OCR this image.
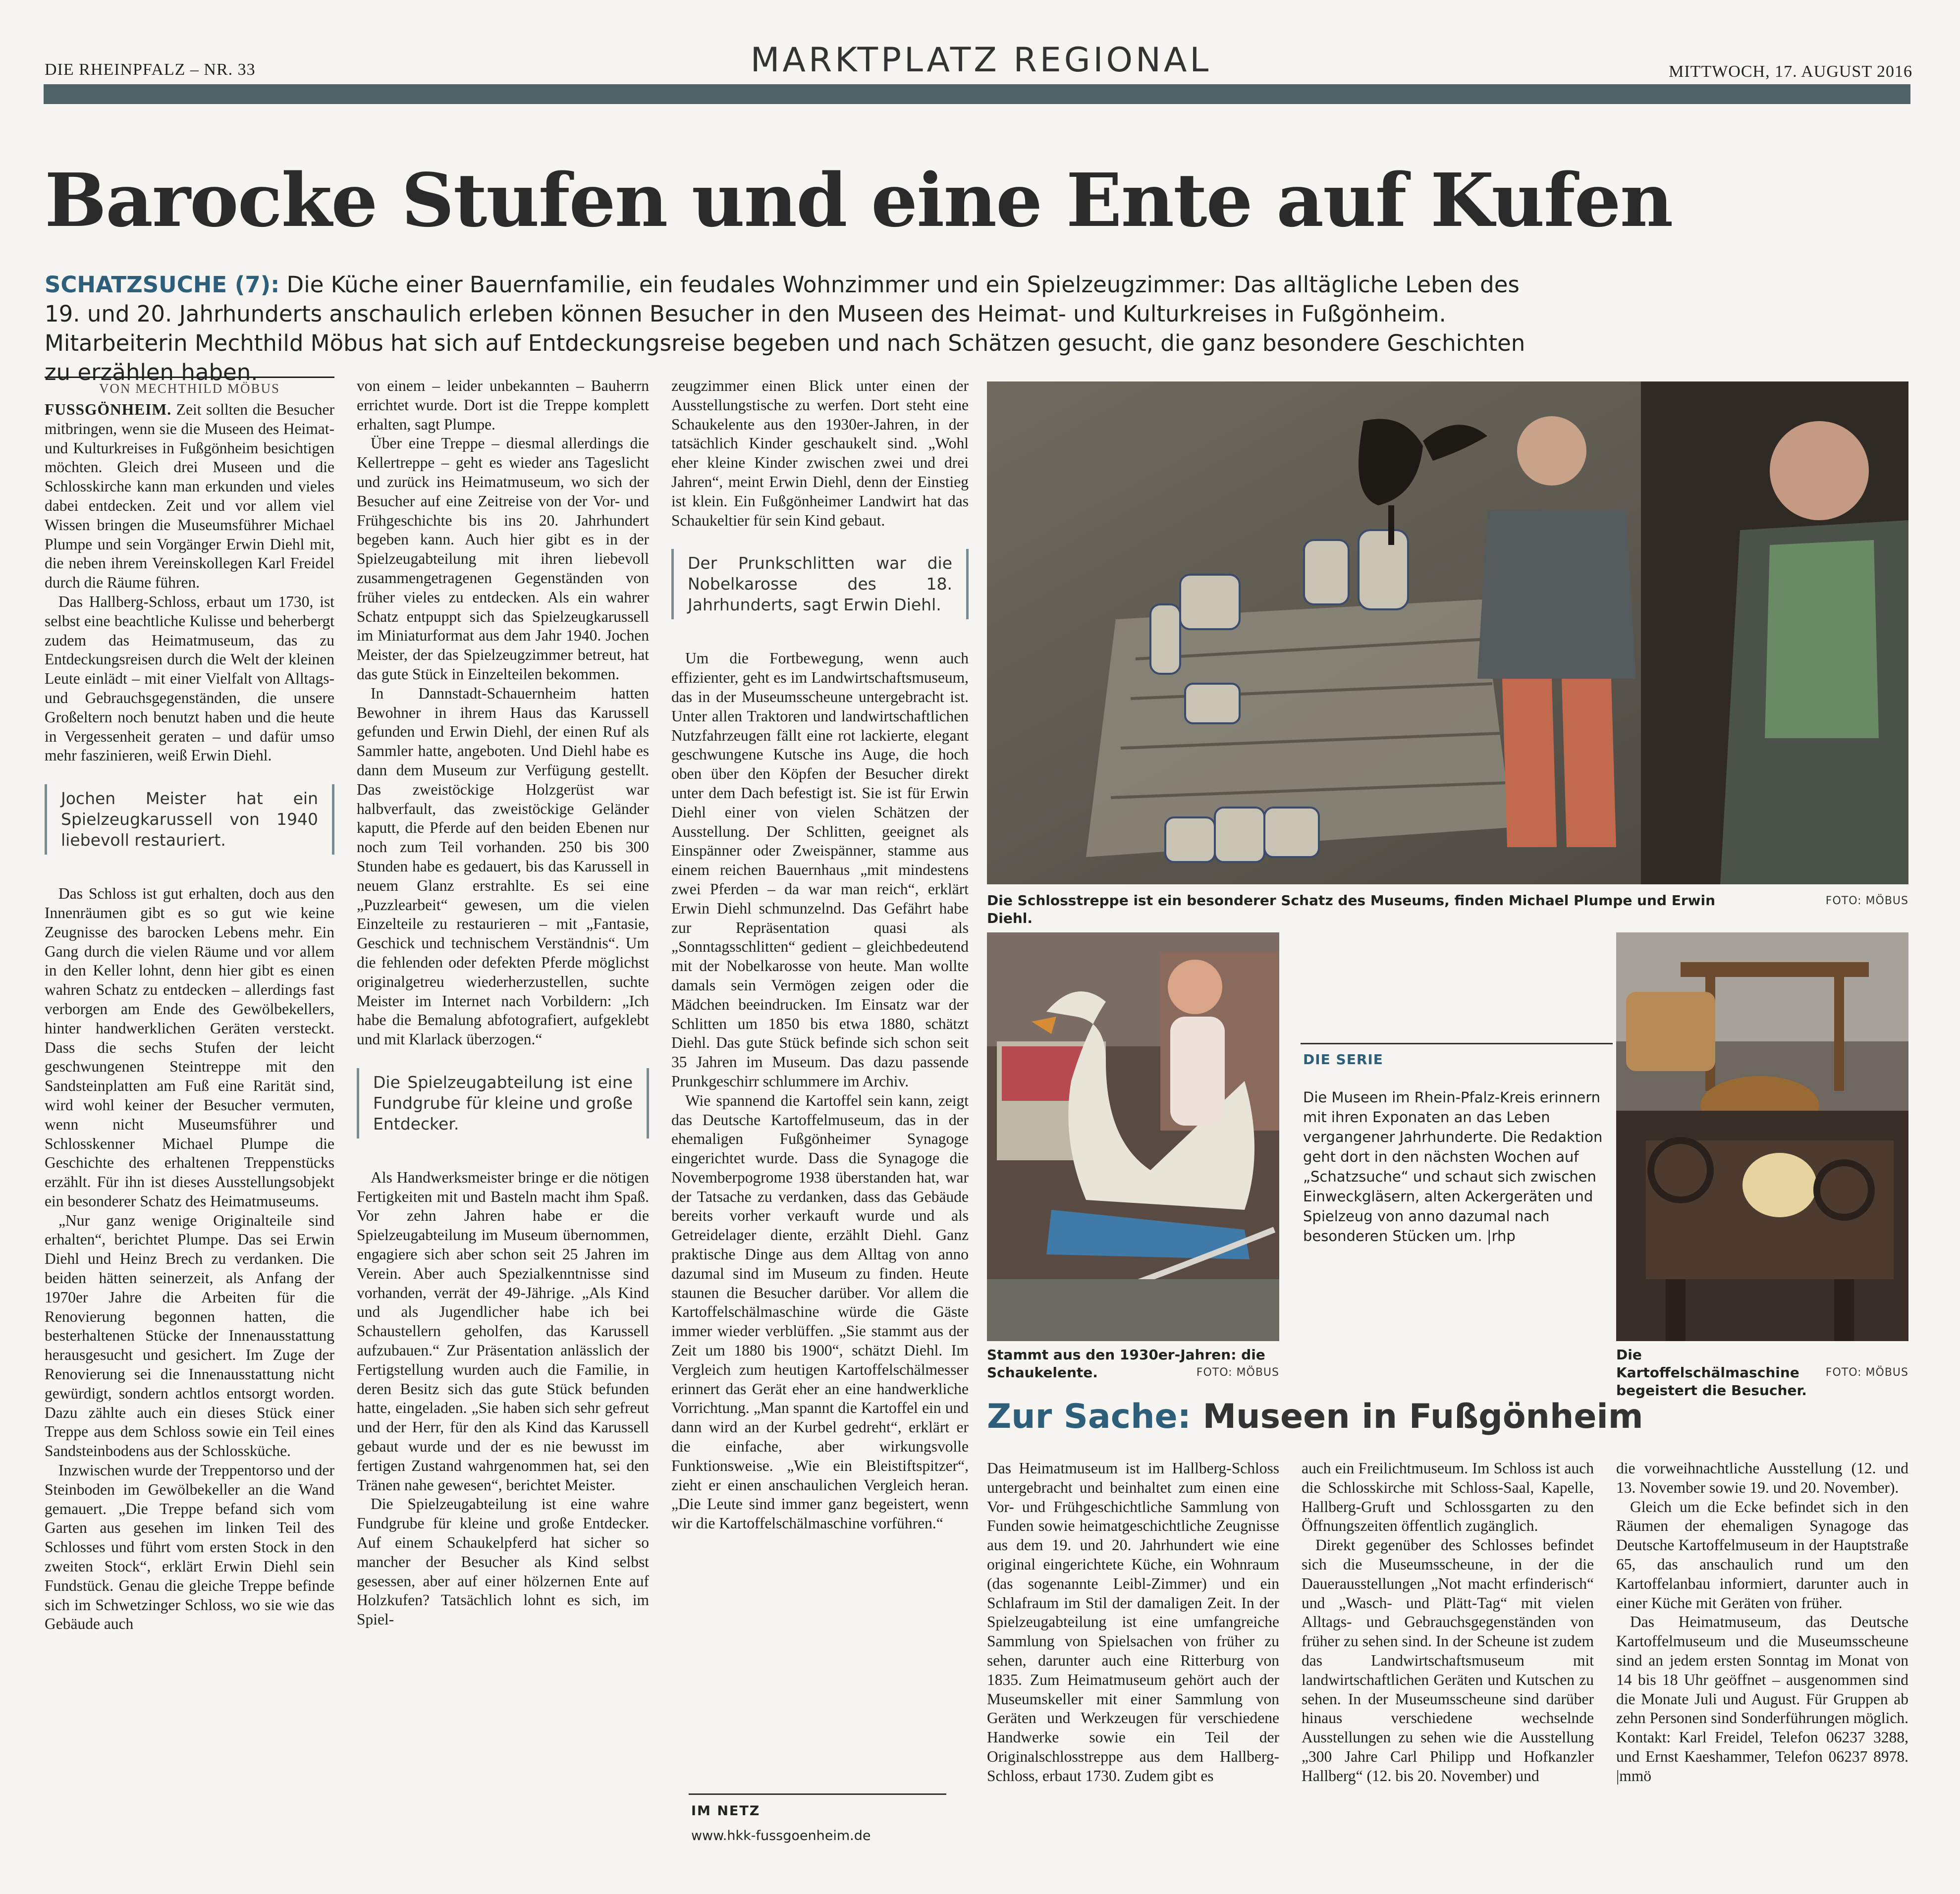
DIE RHEINPFALZ – NR. 33	MARKTPLATZ REGIONAL	MITTWOCH, 17. AUGUST 2016
Barocke Stufen und eine Ente auf Kufen
SCHATZSUCHE (7): Die Küche einer Bauernfamilie, ein feudales Wohnzimmer und ein Spielzeugzimmer: Das alltägliche Leben des 19. und 20. Jahrhunderts anschaulich erleben können Besucher in den Museen des Heimat- und Kulturkreises in Fußgönheim. Mitarbeiterin Mechthild Möbus hat sich auf Entdeckungsreise begeben und nach Schätzen gesucht, die ganz besondere Geschichten zu erzählen haben.
VON MECHTHILD MÖBUS

FUSSGÖNHEIM. Zeit sollten die Besucher mitbringen, wenn sie die Museen des Heimat- und Kulturkreises in Fußgönheim besichtigen möchten. Gleich drei Museen und die Schlosskirche kann man erkunden und vieles dabei entdecken. Zeit und vor allem viel Wissen bringen die Museumsführer Michael Plumpe und sein Vorgänger Erwin Diehl mit, die neben ihrem Vereinskollegen Karl Freidel durch die Räume führen.

Das Hallberg-Schloss, erbaut um 1730, ist selbst eine beachtliche Kulisse und beherbergt zudem das Heimatmuseum, das zu Entdeckungsreisen durch die Welt der kleinen Leute einlädt – mit einer Vielfalt von Alltags- und Gebrauchsgegenständen, die unsere Großeltern noch benutzt haben und die heute in Vergessenheit geraten – und dafür umso mehr faszinieren, weiß Erwin Diehl.

Jochen Meister hat ein Spielzeugkarussell von 1940 liebevoll restauriert.

Das Schloss ist gut erhalten, doch aus den Innenräumen gibt es so gut wie keine Zeugnisse des barocken Lebens mehr. Ein Gang durch die vielen Räume und vor allem in den Keller lohnt, denn hier gibt es einen wahren Schatz zu entdecken – allerdings fast verborgen am Ende des Gewölbekellers, hinter handwerklichen Geräten versteckt. Dass die sechs Stufen der leicht geschwungenen Steintreppe mit den Sandsteinplatten am Fuß eine Rarität sind, wird wohl keiner der Besucher vermuten, wenn nicht Museumsführer und Schlosskenner Michael Plumpe die Geschichte des erhaltenen Treppenstücks erzählt. Für ihn ist dieses Ausstellungsobjekt ein besonderer Schatz des Heimatmuseums.

„Nur ganz wenige Originalteile sind erhalten“, berichtet Plumpe. Das sei Erwin Diehl und Heinz Brech zu verdanken. Die beiden hätten seinerzeit, als Anfang der 1970er Jahre die Arbeiten für die Renovierung begonnen hatten, die besterhaltenen Stücke der Innenausstattung herausgesucht und gesichert. Im Zuge der Renovierung sei die Innenausstattung nicht gewürdigt, sondern achtlos entsorgt worden. Dazu zählte auch ein dieses Stück einer Treppe aus dem Schloss sowie ein Teil eines Sandsteinbodens aus der Schlossküche.

Inzwischen wurde der Treppentorso und der Steinboden im Gewölbekeller an die Wand gemauert. „Die Treppe befand sich vom Garten aus gesehen im linken Teil des Schlosses und führt vom ersten Stock in den zweiten Stock“, erklärt Erwin Diehl sein Fundstück. Genau die gleiche Treppe befinde sich im Schwetzinger Schloss, wo sie wie das Gebäude auch

von einem – leider unbekannten – Bauherrn errichtet wurde. Dort ist die Treppe komplett erhalten, sagt Plumpe.

Über eine Treppe – diesmal allerdings die Kellertreppe – geht es wieder ans Tageslicht und zurück ins Heimatmuseum, wo sich der Besucher auf eine Zeitreise von der Vor- und Frühgeschichte bis ins 20. Jahrhundert begeben kann. Auch hier gibt es in der Spielzeugabteilung mit ihren liebevoll zusammengetragenen Gegenständen von früher vieles zu entdecken. Als ein wahrer Schatz entpuppt sich das Spielzeugkarussell im Miniaturformat aus dem Jahr 1940. Jochen Meister, der das Spielzeugzimmer betreut, hat das gute Stück in Einzelteilen bekommen.

In Dannstadt-Schauernheim hatten Bewohner in ihrem Haus das Karussell gefunden und Erwin Diehl, der einen Ruf als Sammler hatte, angeboten. Und Diehl habe es dann dem Museum zur Verfügung gestellt. Das zweistöckige Holzgerüst war halbverfault, das zweistöckige Geländer kaputt, die Pferde auf den beiden Ebenen nur noch zum Teil vorhanden. 250 bis 300 Stunden habe es gedauert, bis das Karussell in neuem Glanz erstrahlte. Es sei eine „Puzzlearbeit“ gewesen, um die vielen Einzelteile zu restaurieren – mit „Fantasie, Geschick und technischem Verständnis“. Um die fehlenden oder defekten Pferde möglichst originalgetreu wiederherzustellen, suchte Meister im Internet nach Vorbildern: „Ich habe die Bemalung abfotografiert, aufgeklebt und mit Klarlack überzogen.“

Die Spielzeugabteilung ist eine Fundgrube für kleine und große Entdecker.

Als Handwerksmeister bringe er die nötigen Fertigkeiten mit und Basteln macht ihm Spaß. Vor zehn Jahren habe er die Spielzeugabteilung im Museum übernommen, engagiere sich aber schon seit 25 Jahren im Verein. Aber auch Spezialkenntnisse sind vorhanden, verrät der 49-Jährige. „Als Kind und als Jugendlicher habe ich bei Schaustellern geholfen, das Karussell aufzubauen.“ Zur Präsentation anlässlich der Fertigstellung wurden auch die Familie, in deren Besitz sich das gute Stück befunden hatte, eingeladen. „Sie haben sich sehr gefreut und der Herr, für den als Kind das Karussell gebaut wurde und der es nie bewusst im fertigen Zustand wahrgenommen hat, sei den Tränen nahe gewesen“, berichtet Meister.

Die Spielzeugabteilung ist eine wahre Fundgrube für kleine und große Entdecker. Auf einem Schaukelpferd hat sicher so mancher der Besucher als Kind selbst gesessen, aber auf einer hölzernen Ente auf Holzkufen? Tatsächlich lohnt es sich, im Spiel-

zeugzimmer einen Blick unter einen der Ausstellungstische zu werfen. Dort steht eine Schaukelente aus den 1930er-Jahren, in der tatsächlich Kinder geschaukelt sind. „Wohl eher kleine Kinder zwischen zwei und drei Jahren“, meint Erwin Diehl, denn der Einstieg ist klein. Ein Fußgönheimer Landwirt hat das Schaukeltier für sein Kind gebaut.

Der Prunkschlitten war die Nobelkarosse des 18. Jahrhunderts, sagt Erwin Diehl.

Um die Fortbewegung, wenn auch effizienter, geht es im Landwirtschaftsmuseum, das in der Museumsscheune untergebracht ist. Unter allen Traktoren und landwirtschaftlichen Nutzfahrzeugen fällt eine rot lackierte, elegant geschwungene Kutsche ins Auge, die hoch oben über den Köpfen der Besucher direkt unter dem Dach befestigt ist. Sie ist für Erwin Diehl einer von vielen Schätzen der Ausstellung. Der Schlitten, geeignet als Einspänner oder Zweispänner, stamme aus einem reichen Bauernhaus „mit mindestens zwei Pferden – da war man reich“, erklärt Erwin Diehl schmunzelnd. Das Gefährt habe zur Repräsentation quasi als „Sonntagsschlitten“ gedient – gleichbedeutend mit der Nobelkarosse von heute. Man wollte damals sein Vermögen zeigen oder die Mädchen beeindrucken. Im Einsatz war der Schlitten um 1850 bis etwa 1880, schätzt Diehl. Das gute Stück befinde sich schon seit 35 Jahren im Museum. Das dazu passende Prunkgeschirr schlummere im Archiv.

Wie spannend die Kartoffel sein kann, zeigt das Deutsche Kartoffelmuseum, das in der ehemaligen Fußgönheimer Synagoge eingerichtet wurde. Dass die Synagoge die Novemberpogrome 1938 überstanden hat, war der Tatsache zu verdanken, dass das Gebäude bereits vorher verkauft wurde und als Getreidelager diente, erzählt Diehl. Ganz praktische Dinge aus dem Alltag von anno dazumal sind im Museum zu finden. Heute staunen die Besucher darüber. Vor allem die Kartoffelschälmaschine würde die Gäste immer wieder verblüffen. „Sie stammt aus der Zeit um 1880 bis 1900“, schätzt Diehl. Im Vergleich zum heutigen Kartoffelschälmesser erinnert das Gerät eher an eine handwerkliche Vorrichtung. „Man spannt die Kartoffel ein und dann wird an der Kurbel gedreht“, erklärt er die einfache, aber wirkungsvolle Funktionsweise. „Wie ein Bleistiftspitzer“, zieht er einen anschaulichen Vergleich heran. „Die Leute sind immer ganz begeistert, wenn wir die Kartoffelschälmaschine vorführen.“

IM NETZ
www.hkk-fussgoenheim.de
Die Schlosstreppe ist ein besonderer Schatz des Museums, finden Michael Plumpe und Erwin Diehl.
FOTO: MÖBUS
Stammt aus den 1930er-Jahren: die Schaukelente.	FOTO: MÖBUS
DIE SERIE
Die Museen im Rhein-Pfalz-Kreis erinnern mit ihren Exponaten an das Leben vergangener Jahrhunderte. Die Redaktion geht dort in den nächsten Wochen auf „Schatzsuche“ und schaut sich zwischen Einweckgläsern, alten Ackergeräten und Spielzeug von anno dazumal nach besonderen Stücken um. |rhp
Die Kartoffelschälmaschine begeistert die Besucher.
FOTO: MÖBUS
Zur Sache: Museen in Fußgönheim

Das Heimatmuseum ist im Hallberg-Schloss untergebracht und beinhaltet zum einen eine Vor- und Frühgeschichtliche Sammlung von Funden sowie heimatgeschichtliche Zeugnisse aus dem 19. und 20. Jahrhundert wie eine original eingerichtete Küche, ein Wohnraum (das sogenannte Leibl-Zimmer) und ein Schlafraum im Stil der damaligen Zeit. In der Spielzeugabteilung ist eine umfangreiche Sammlung von Spielsachen von früher zu sehen, darunter auch eine Ritterburg von 1835. Zum Heimatmuseum gehört auch der Museumskeller mit einer Sammlung von Geräten und Werkzeugen für verschiedene Handwerke sowie ein Teil der Originalschlosstreppe aus dem Hallberg-Schloss, erbaut 1730. Zudem gibt es

auch ein Freilichtmuseum. Im Schloss ist auch die Schlosskirche mit Schloss-Saal, Kapelle, Hallberg-Gruft und Schlossgarten zu den Öffnungszeiten öffentlich zugänglich.

Direkt gegenüber des Schlosses befindet sich die Museumsscheune, in der die Dauerausstellungen „Not macht erfinderisch“ und „Wasch- und Plätt-Tag“ mit vielen Alltags- und Gebrauchsgegenständen von früher zu sehen sind. In der Scheune ist zudem das Landwirtschaftsmuseum mit landwirtschaftlichen Geräten und Kutschen zu sehen. In der Museumsscheune sind darüber hinaus verschiedene wechselnde Ausstellungen zu sehen wie die Ausstellung „300 Jahre Carl Philipp und Hofkanzler Hallberg“ (12. bis 20. November) und

die vorweihnachtliche Ausstellung (12. und 13. November sowie 19. und 20. November).

Gleich um die Ecke befindet sich in den Räumen der ehemaligen Synagoge das Deutsche Kartoffelmuseum in der Hauptstraße 65, das anschaulich rund um den Kartoffelanbau informiert, darunter auch in einer Küche mit Geräten von früher.

Das Heimatmuseum, das Deutsche Kartoffelmuseum und die Museumsscheune sind an jedem ersten Sonntag im Monat von 14 bis 18 Uhr geöffnet – ausgenommen sind die Monate Juli und August. Für Gruppen ab zehn Personen sind Sonderführungen möglich. Kontakt: Karl Freidel, Telefon 06237 3288, und Ernst Kaeshammer, Telefon 06237 8978. |mmö
